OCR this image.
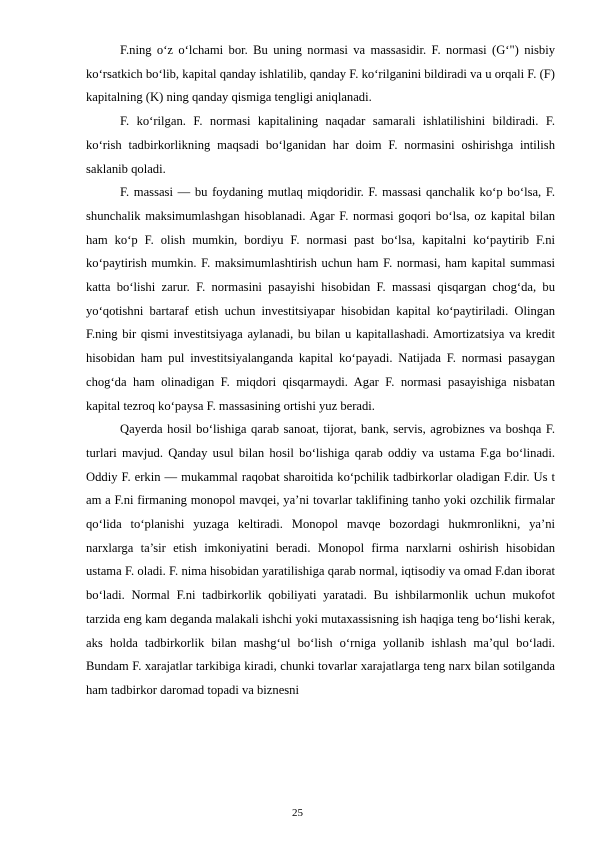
F.ning o‘z o‘lchami bor. Bu uning normasi va massasidir. F. normasi (G‘") nisbiy ko‘rsatkich bo‘lib, kapital qanday ishlatilib, qanday F. ko‘rilganini bildiradi va u orqali F. (F) kapitalning (K) ning qanday qismiga tengligi aniqlanadi.

F. ko‘rilgan. F. normasi kapitalining naqadar samarali ishlatilishini bildiradi. F. ko‘rish tadbirkorlikning maqsadi bo‘lganidan har doim F. normasini oshirishga intilish saklanib qoladi.

F. massasi — bu foydaning mutlaq miqdoridir. F. massasi qanchalik ko‘p bo‘lsa, F. shunchalik maksimumlashgan hisoblanadi. Agar F. normasi goqori bo‘lsa, oz kapital bilan ham ko‘p F. olish mumkin, bordiyu F. normasi past bo‘lsa, kapitalni ko‘paytirib F.ni ko‘paytirish mumkin. F. maksimumlashtirish uchun ham F. normasi, ham kapital summasi katta bo‘lishi zarur. F. normasini pasayishi hisobidan F. massasi qisqargan chog‘da, bu yo‘qotishni bartaraf etish uchun investitsiyapar hisobidan kapital ko‘paytiriladi. Olingan F.ning bir qismi investitsiyaga aylanadi, bu bilan u kapitallashadi. Amortizatsiya va kredit hisobidan ham pul investitsiyalanganda kapital ko‘payadi. Natijada F. normasi pasaygan chog‘da ham olinadigan F. miqdori qisqarmaydi. Agar F. normasi pasayishiga nisbatan kapital tezroq ko‘paysa F. massasining ortishi yuz beradi.

Qayerda hosil bo‘lishiga qarab sanoat, tijorat, bank, servis, agrobiznes va boshqa F. turlari mavjud. Qanday usul bilan hosil bo‘lishiga qarab oddiy va ustama F.ga bo‘linadi. Oddiy F. erkin — mukammal raqobat sharoitida ko‘pchilik tadbirkorlar oladigan F.dir. Us t am a F.ni firmaning monopol mavqei, ya’ni tovarlar taklifining tanho yoki ozchilik firmalar qo‘lida to‘planishi yuzaga keltiradi. Monopol mavqe bozordagi hukmronlikni, ya’ni narxlarga ta’sir etish imkoniyatini beradi. Monopol firma narxlarni oshirish hisobidan ustama F. oladi. F. nima hisobidan yaratilishiga qarab normal, iqtisodiy va omad F.dan iborat bo‘ladi. Normal F.ni tadbirkorlik qobiliyati yaratadi. Bu ishbilarmonlik uchun mukofot tarzida eng kam deganda malakali ishchi yoki mutaxassisning ish haqiga teng bo‘lishi kerak, aks holda tadbirkorlik bilan mashg‘ul bo‘lish o‘rniga yollanib ishlash ma’qul bo‘ladi. Bundam F. xarajatlar tarkibiga kiradi, chunki tovarlar xarajatlarga teng narx bilan sotilganda ham tadbirkor daromad topadi va biznesni

25
